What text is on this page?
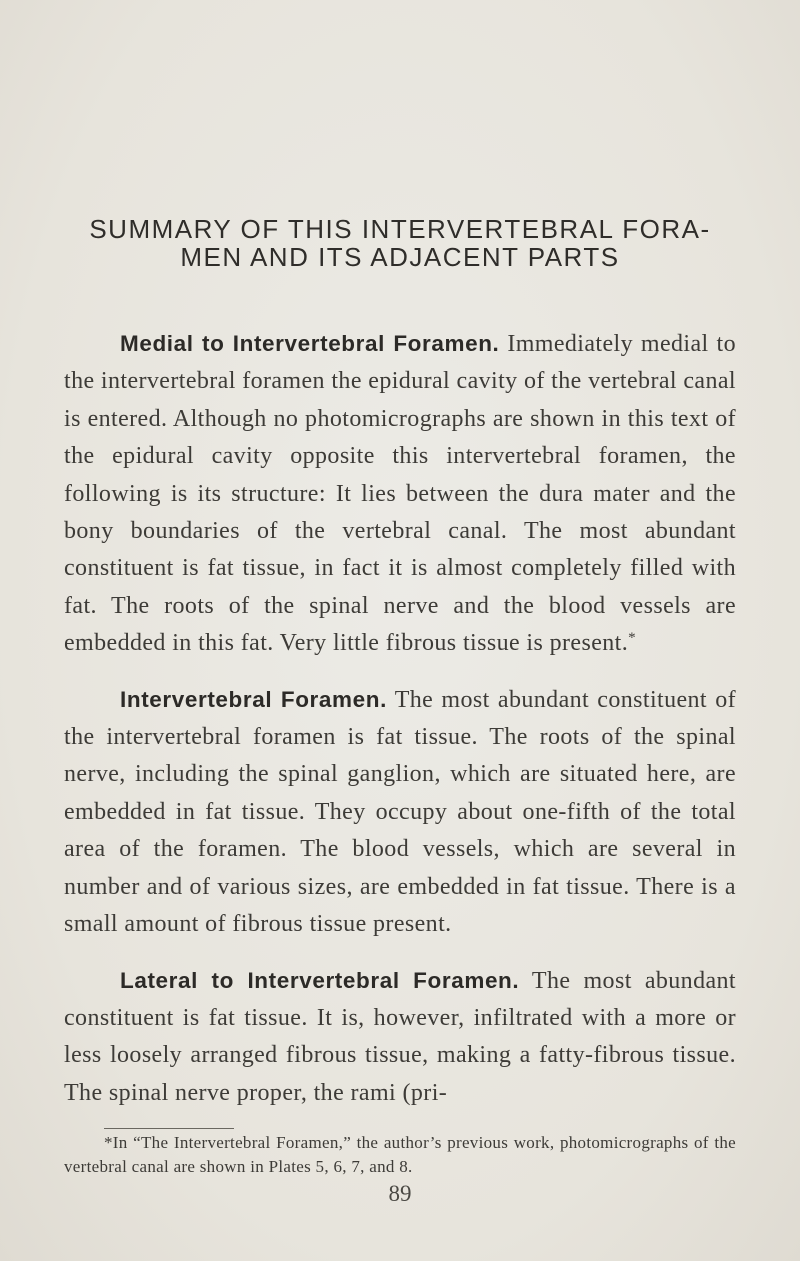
SUMMARY OF THIS INTERVERTEBRAL FORA-
MEN AND ITS ADJACENT PARTS

Medial to Intervertebral Foramen. Immediately medial to the intervertebral foramen the epidural cavity of the vertebral canal is entered. Although no photomicrographs are shown in this text of the epidural cavity opposite this intervertebral foramen, the following is its structure: It lies between the dura mater and the bony boundaries of the vertebral canal. The most abundant constituent is fat tissue, in fact it is almost completely filled with fat. The roots of the spinal nerve and the blood vessels are embedded in this fat. Very little fibrous tissue is present.*

Intervertebral Foramen. The most abundant constituent of the intervertebral foramen is fat tissue. The roots of the spinal nerve, including the spinal ganglion, which are situated here, are embedded in fat tissue. They occupy about one-fifth of the total area of the foramen. The blood vessels, which are several in number and of various sizes, are embedded in fat tissue. There is a small amount of fibrous tissue present.

Lateral to Intervertebral Foramen. The most abundant constituent is fat tissue. It is, however, infiltrated with a more or less loosely arranged fibrous tissue, making a fatty-fibrous tissue. The spinal nerve proper, the rami (pri-

*In “The Intervertebral Foramen,” the author’s previous work, photomicrographs of the vertebral canal are shown in Plates 5, 6, 7, and 8.

89
